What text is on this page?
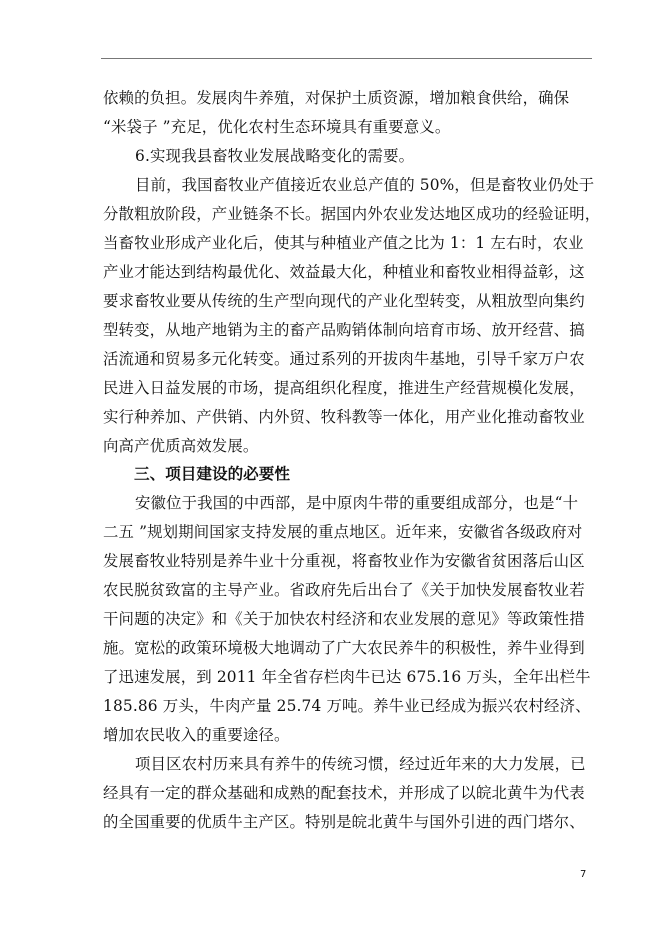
依赖的负担。发展肉牛养殖，对保护土质资源，增加粮食供给，确保
“米袋子 ”充足，优化农村生态环境具有重要意义。
6.实现我县畜牧业发展战略变化的需要。
目前，我国畜牧业产值接近农业总产值的 50%，但是畜牧业仍处于
分散粗放阶段，产业链条不长。据国内外农业发达地区成功的经验证明，
当畜牧业形成产业化后，使其与种植业产值之比为 1：1 左右时，农业
产业才能达到结构最优化、效益最大化，种植业和畜牧业相得益彰，这
要求畜牧业要从传统的生产型向现代的产业化型转变，从粗放型向集约
型转变，从地产地销为主的畜产品购销体制向培育市场、放开经营、搞
活流通和贸易多元化转变。通过系列的开拔肉牛基地，引导千家万户农
民进入日益发展的市场，提高组织化程度，推进生产经营规模化发展，
实行种养加、产供销、内外贸、牧科教等一体化，用产业化推动畜牧业
向高产优质高效发展。
三、项目建设的必要性
安徽位于我国的中西部，是中原肉牛带的重要组成部分，也是“十
二五 ”规划期间国家支持发展的重点地区。近年来，安徽省各级政府对
发展畜牧业特别是养牛业十分重视，将畜牧业作为安徽省贫困落后山区
农民脱贫致富的主导产业。省政府先后出台了《关于加快发展畜牧业若
干问题的决定》和《关于加快农村经济和农业发展的意见》等政策性措
施。宽松的政策环境极大地调动了广大农民养牛的积极性，养牛业得到
了迅速发展，到 2011 年全省存栏肉牛已达 675.16 万头，全年出栏牛
185.86 万头，牛肉产量 25.74 万吨。养牛业已经成为振兴农村经济、
增加农民收入的重要途径。
项目区农村历来具有养牛的传统习惯，经过近年来的大力发展，已
经具有一定的群众基础和成熟的配套技术，并形成了以皖北黄牛为代表
的全国重要的优质牛主产区。特别是皖北黄牛与国外引进的西门塔尔、
7
